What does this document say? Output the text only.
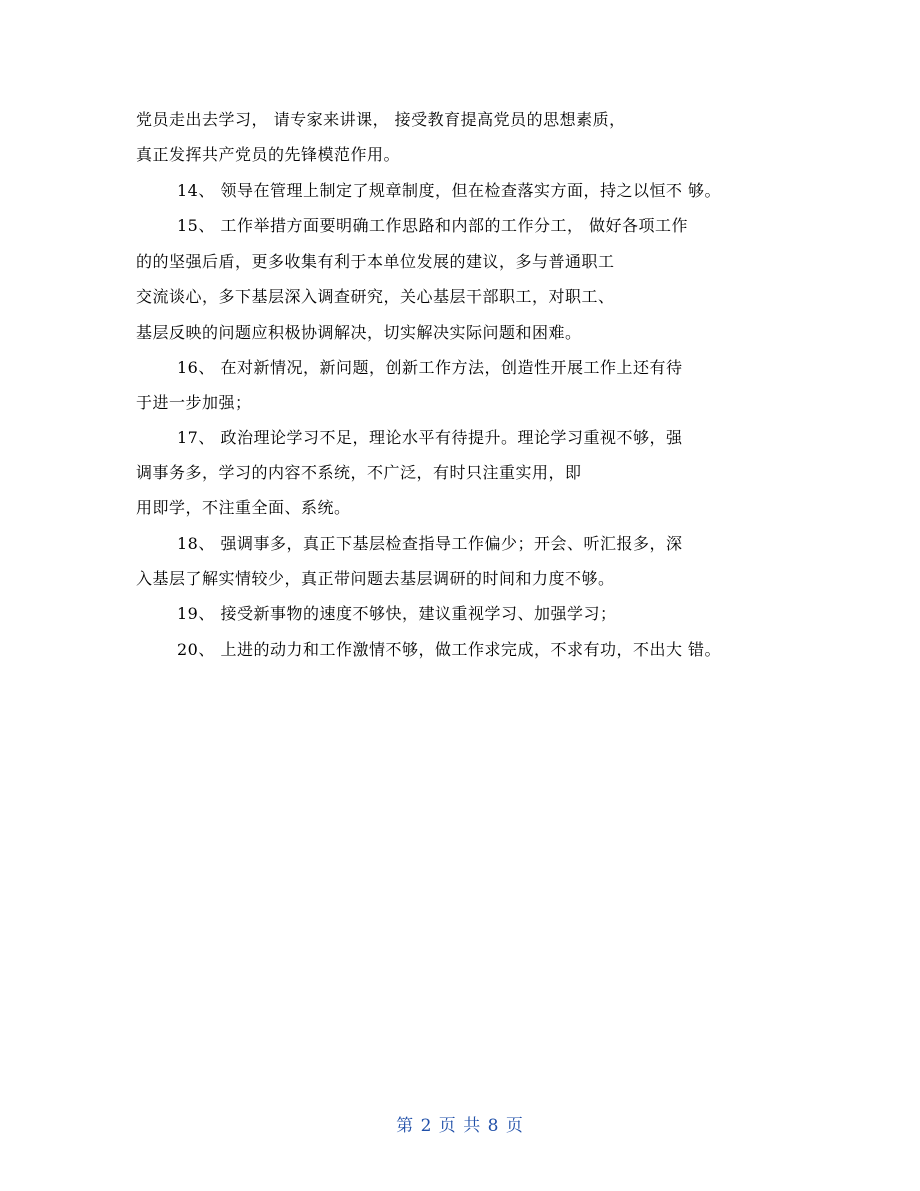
党员走出去学习， 请专家来讲课， 接受教育提高党员的思想素质，
真正发挥共产党员的先锋模范作用。
14、 领导在管理上制定了规章制度，但在检查落实方面，持之以恒不 够。
15、 工作举措方面要明确工作思路和内部的工作分工， 做好各项工作
的的坚强后盾，更多收集有利于本单位发展的建议，多与普通职工
交流谈心，多下基层深入调查研究，关心基层干部职工，对职工、
基层反映的问题应积极协调解决，切实解决实际问题和困难。
16、 在对新情况，新问题，创新工作方法，创造性开展工作上还有待
于进一步加强；
17、 政治理论学习不足，理论水平有待提升。理论学习重视不够，强
调事务多，学习的内容不系统，不广泛，有时只注重实用，即
用即学，不注重全面、系统。
18、 强调事多，真正下基层检查指导工作偏少；开会、听汇报多，深
入基层了解实情较少，真正带问题去基层调研的时间和力度不够。
19、 接受新事物的速度不够快，建议重视学习、加强学习；
20、 上进的动力和工作激情不够，做工作求完成，不求有功，不出大 错。
第 2 页 共 8 页
